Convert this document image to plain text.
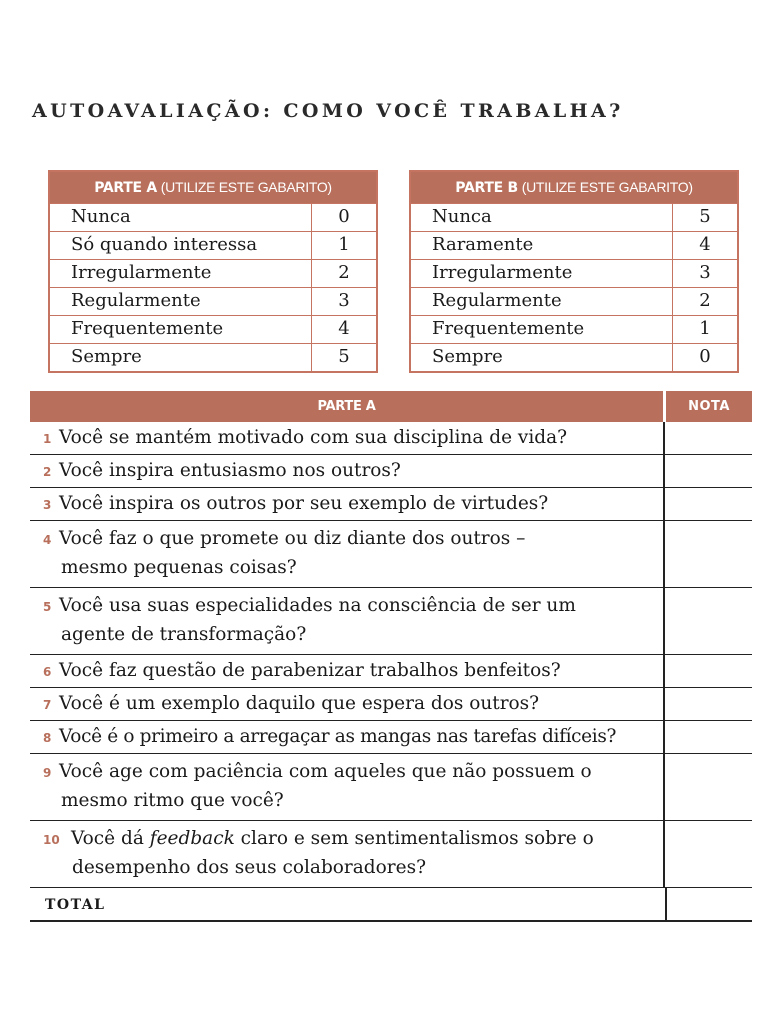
AUTOAVALIAÇÃO: COMO VOCÊ TRABALHA?
PARTE A (UTILIZE ESTE GABARITO)
Nunca	0
Só quando interessa	1
Irregularmente	2
Regularmente	3
Frequentemente	4
Sempre	5
PARTE B (UTILIZE ESTE GABARITO)
Nunca	5
Raramente	4
Irregularmente	3
Regularmente	2
Frequentemente	1
Sempre	0
PARTE A	NOTA
1 Você se mantém motivado com sua disciplina de vida?
2 Você inspira entusiasmo nos outros?
3 Você inspira os outros por seu exemplo de virtudes?
4 Você faz o que promete ou diz diante dos outros –
mesmo pequenas coisas?
5 Você usa suas especialidades na consciência de ser um
agente de transformação?
6 Você faz questão de parabenizar trabalhos benfeitos?
7 Você é um exemplo daquilo que espera dos outros?
8 Você é o primeiro a arregaçar as mangas nas tarefas difíceis?
9 Você age com paciência com aqueles que não possuem o
mesmo ritmo que você?
10 Você dá feedback claro e sem sentimentalismos sobre o
desempenho dos seus colaboradores?
TOTAL
